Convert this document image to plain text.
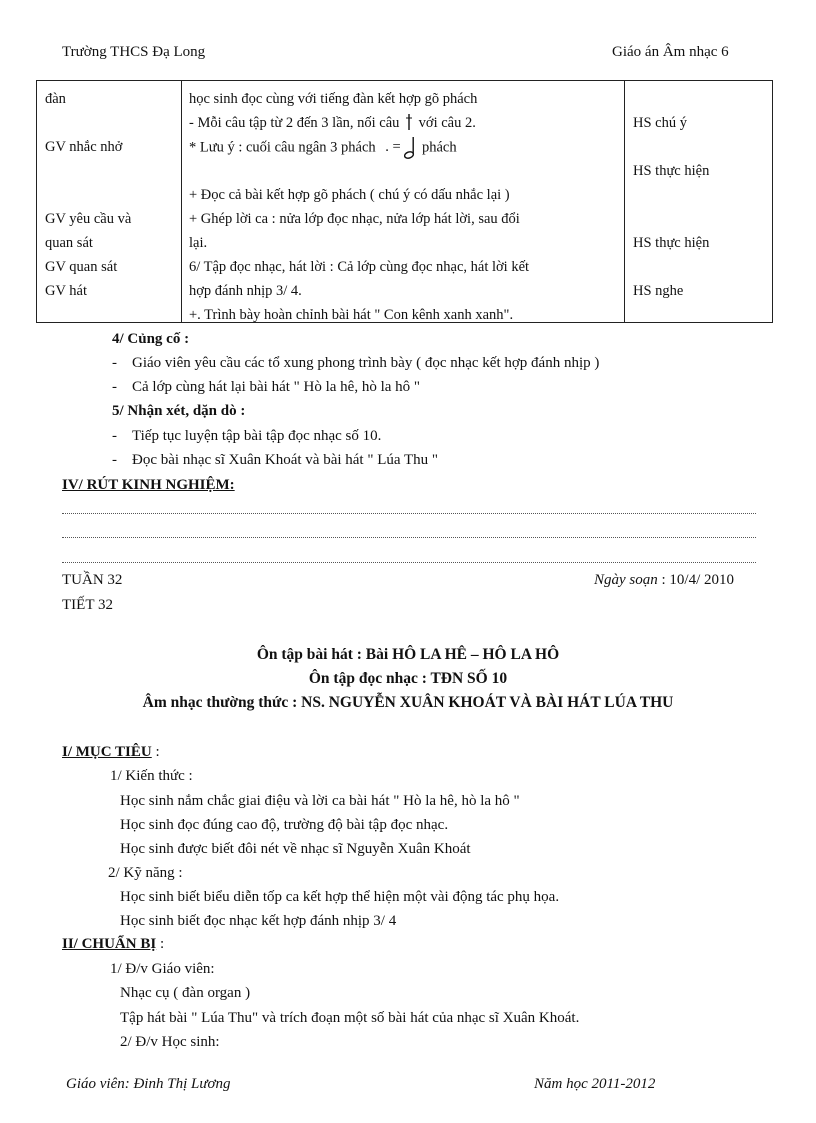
Trường THCS Đạ Long	Giáo án Âm nhạc 6
đàn
GV nhắc nhở
GV yêu cầu và
quan sát
GV quan sát
GV hát
học sinh đọc cùng với tiếng đàn kết hợp gõ phách
- Mỗi câu tập từ 2 đến 3 lần, nối câu với câu 2.
* Lưu ý : cuối câu ngân 3 phách . = phách
+ Đọc cả bài kết hợp gõ phách ( chú ý có dấu nhắc lại )
+ Ghép lời ca : nửa lớp đọc nhạc, nửa lớp hát lời, sau đổi
lại.
6/ Tập đọc nhạc, hát lời : Cả lớp cùng đọc nhạc, hát lời kết
hợp đánh nhịp 3/ 4.
+. Trình bày hoàn chỉnh bài hát " Con kênh xanh xanh".
HS chú ý
HS thực hiện
HS thực hiện
HS nghe
4/ Củng cố :
-    Giáo viên yêu cầu các tổ xung phong trình bày ( đọc nhạc kết hợp đánh nhịp )
-    Cả lớp cùng hát lại bài hát " Hò la hê, hò la hô "
5/ Nhận xét, dặn dò :
-    Tiếp tục luyện tập bài tập đọc nhạc số 10.
-    Đọc bài nhạc sĩ Xuân Khoát và bài hát " Lúa Thu "
IV/ RÚT KINH NGHIỆM:
TUẦN 32
TIẾT 32
Ngày soạn : 10/4/ 2010
Ôn tập bài hát : Bài HÔ LA HÊ – HÔ LA HÔ
Ôn tập đọc nhạc : TĐN SỐ 10
Âm nhạc thường thức : NS. NGUYỄN XUÂN KHOÁT VÀ BÀI HÁT LÚA THU
I/ MỤC TIÊU :
1/ Kiến thức :
Học sinh nắm chắc giai điệu và lời ca bài hát " Hò la hê, hò la hô "
Học sinh đọc đúng cao độ, trường độ bài tập đọc nhạc.
Học sinh được biết đôi nét về nhạc sĩ Nguyễn Xuân Khoát
2/ Kỹ năng :
Học sinh biết biểu diễn tốp ca kết hợp thể hiện một vài động tác phụ họa.
Học sinh biết đọc nhạc kết hợp đánh nhịp 3/ 4
II/ CHUẨN BỊ :
1/ Đ/v Giáo viên:
Nhạc cụ ( đàn organ )
Tập hát bài " Lúa Thu" và trích đoạn một số bài hát của nhạc sĩ Xuân Khoát.
2/ Đ/v Học sinh:
Giáo viên: Đinh Thị Lương	Năm học 2011-2012
